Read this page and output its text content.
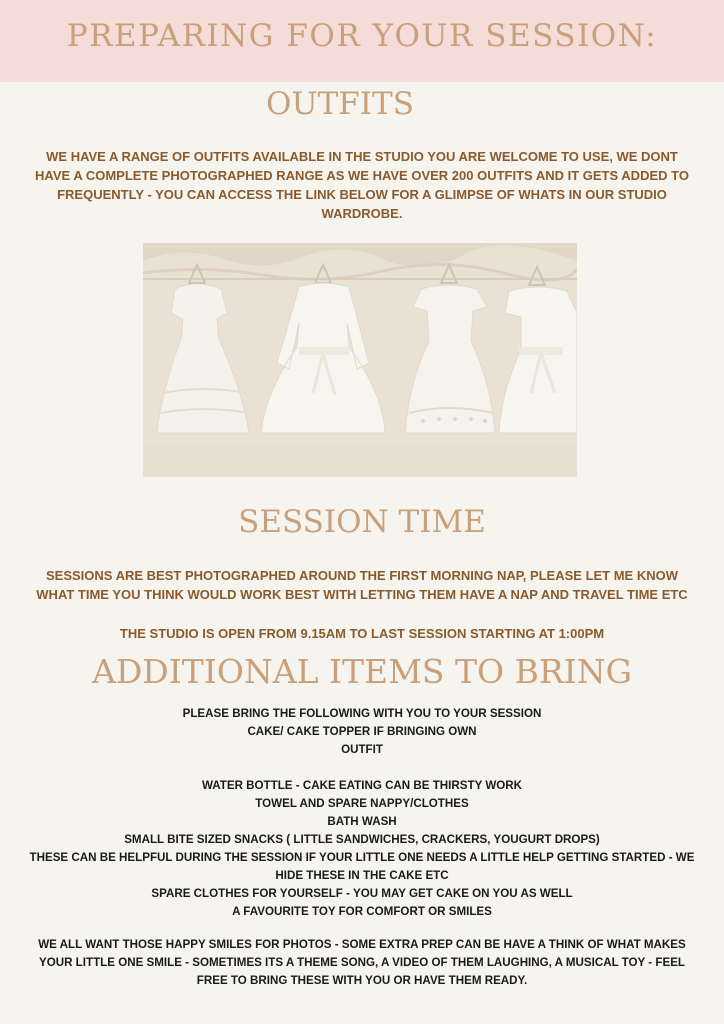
PREPARING FOR YOUR SESSION:
OUTFITS

WE HAVE A RANGE OF OUTFITS AVAILABLE IN THE STUDIO YOU ARE WELCOME TO USE, WE DONT HAVE A COMPLETE PHOTOGRAPHED RANGE AS WE HAVE OVER 200 OUTFITS AND IT GETS ADDED TO FREQUENTLY - YOU CAN ACCESS THE LINK BELOW FOR A GLIMPSE OF WHATS IN OUR STUDIO WARDROBE.

SESSION TIME

SESSIONS ARE BEST PHOTOGRAPHED AROUND THE FIRST MORNING NAP, PLEASE LET ME KNOW WHAT TIME YOU THINK WOULD WORK BEST WITH LETTING THEM HAVE A NAP AND TRAVEL TIME ETC

THE STUDIO IS OPEN FROM 9.15AM TO LAST SESSION STARTING AT 1:00PM

ADDITIONAL ITEMS TO BRING
PLEASE BRING THE FOLLOWING WITH YOU TO YOUR SESSION
CAKE/ CAKE TOPPER IF BRINGING OWN
OUTFIT
WATER BOTTLE - CAKE EATING CAN BE THIRSTY WORK
TOWEL AND SPARE NAPPY/CLOTHES
BATH WASH
SMALL BITE SIZED SNACKS ( LITTLE SANDWICHES, CRACKERS, YOUGURT DROPS)
THESE CAN BE HELPFUL DURING THE SESSION IF YOUR LITTLE ONE NEEDS A LITTLE HELP GETTING STARTED - WE HIDE THESE IN THE CAKE ETC
SPARE CLOTHES FOR YOURSELF - YOU MAY GET CAKE ON YOU AS WELL
A FAVOURITE TOY FOR COMFORT OR SMILES

WE ALL WANT THOSE HAPPY SMILES FOR PHOTOS - SOME EXTRA PREP CAN BE HAVE A THINK OF WHAT MAKES YOUR LITTLE ONE SMILE - SOMETIMES ITS A THEME SONG, A VIDEO OF THEM LAUGHING, A MUSICAL TOY - FEEL FREE TO BRING THESE WITH YOU OR HAVE THEM READY.
